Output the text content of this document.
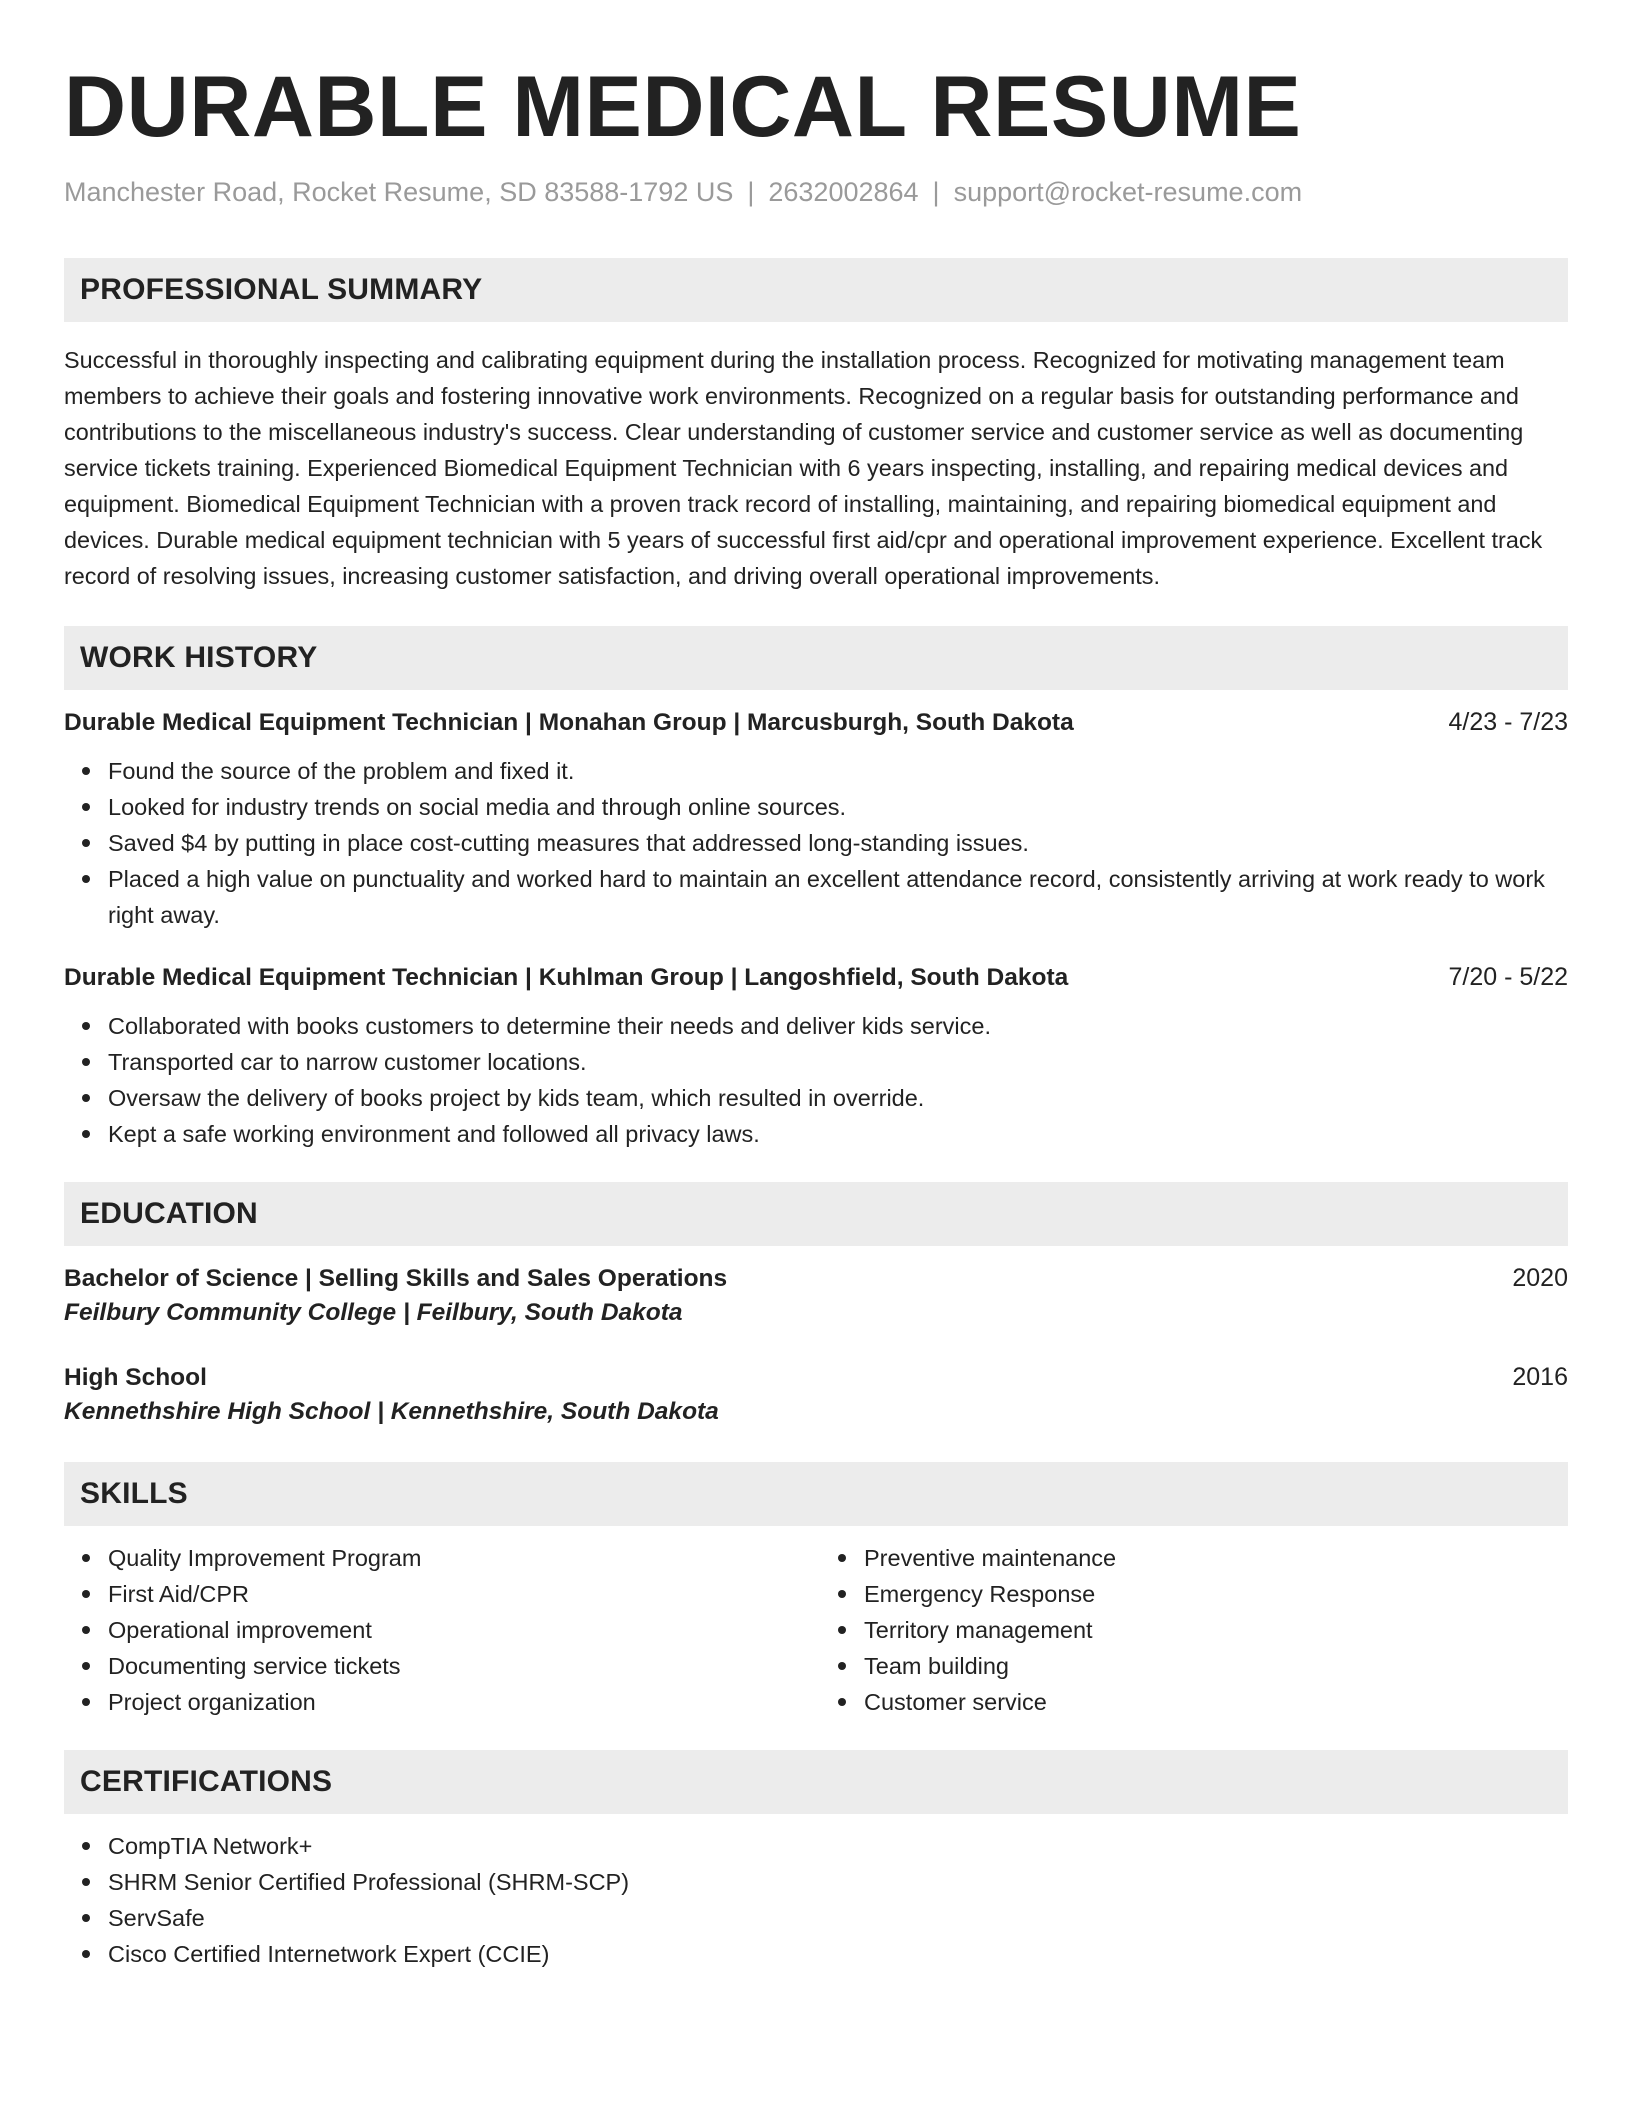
DURABLE MEDICAL RESUME
Manchester Road, Rocket Resume, SD 83588-1792 US | 2632002864 | support@rocket-resume.com
PROFESSIONAL SUMMARY

Successful in thoroughly inspecting and calibrating equipment during the installation process. Recognized for motivating management team members to achieve their goals and fostering innovative work environments. Recognized on a regular basis for outstanding performance and contributions to the miscellaneous industry's success. Clear understanding of customer service and customer service as well as documenting service tickets training. Experienced Biomedical Equipment Technician with 6 years inspecting, installing, and repairing medical devices and equipment. Biomedical Equipment Technician with a proven track record of installing, maintaining, and repairing biomedical equipment and devices. Durable medical equipment technician with 5 years of successful first aid/cpr and operational improvement experience. Excellent track record of resolving issues, increasing customer satisfaction, and driving overall operational improvements.

WORK HISTORY
Durable Medical Equipment Technician | Monahan Group | Marcusburgh, South Dakota	4/23 - 7/23
Found the source of the problem and fixed it.
Looked for industry trends on social media and through online sources.
Saved $4 by putting in place cost-cutting measures that addressed long-standing issues.
Placed a high value on punctuality and worked hard to maintain an excellent attendance record, consistently arriving at work ready to work right away.
Durable Medical Equipment Technician | Kuhlman Group | Langoshfield, South Dakota	7/20 - 5/22
Collaborated with books customers to determine their needs and deliver kids service.
Transported car to narrow customer locations.
Oversaw the delivery of books project by kids team, which resulted in override.
Kept a safe working environment and followed all privacy laws.
EDUCATION
Bachelor of Science | Selling Skills and Sales Operations	2020
Feilbury Community College | Feilbury, South Dakota
High School	2016
Kennethshire High School | Kennethshire, South Dakota
SKILLS
Quality Improvement Program
First Aid/CPR
Operational improvement
Documenting service tickets
Project organization
Preventive maintenance
Emergency Response
Territory management
Team building
Customer service
CERTIFICATIONS
CompTIA Network+
SHRM Senior Certified Professional (SHRM-SCP)
ServSafe
Cisco Certified Internetwork Expert (CCIE)
